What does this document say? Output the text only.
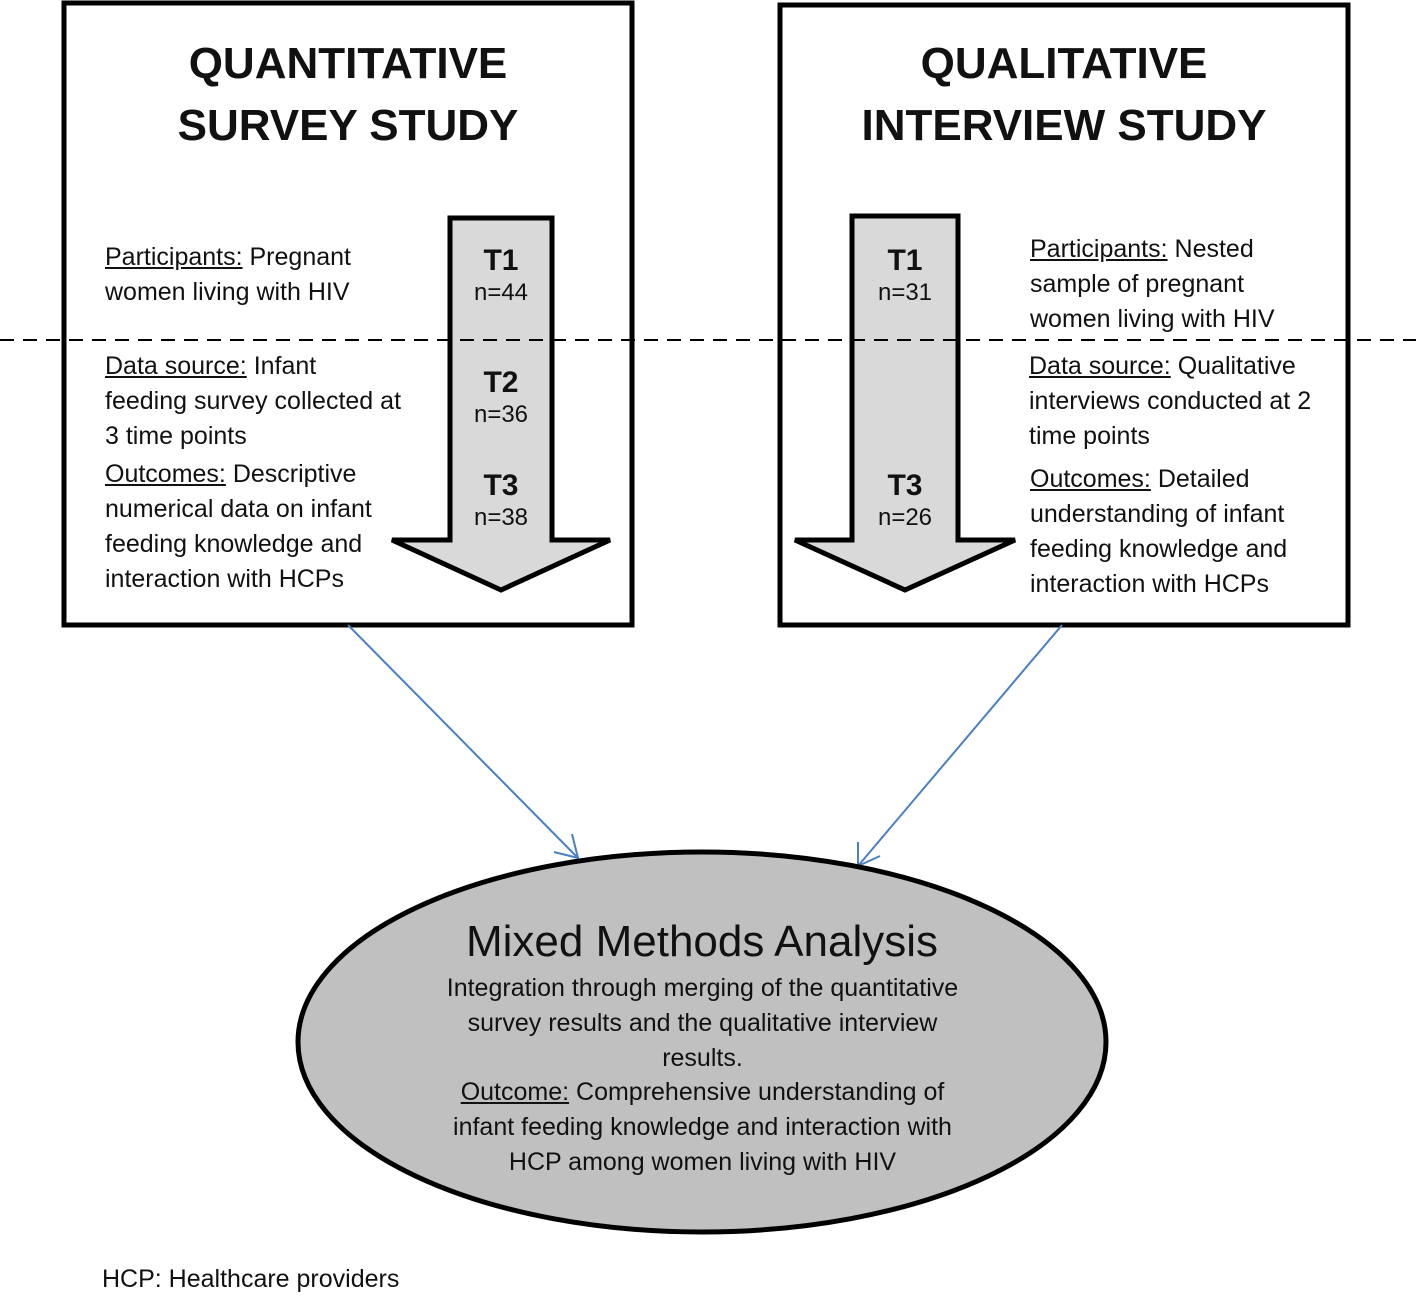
QUANTITATIVE
SURVEY STUDY
Participants: Pregnant women living with HIV
Data source: Infant feeding survey collected at 3 time points
Outcomes: Descriptive numerical data on infant feeding knowledge and interaction with HCPs
T1
n=44
T2
n=36
T3
n=38
QUALITATIVE
INTERVIEW STUDY
T1
n=31
T3
n=26
Participants: Nested sample of pregnant women living with HIV
Data source: Qualitative interviews conducted at 2 time points
Outcomes: Detailed understanding of infant feeding knowledge and interaction with HCPs
Mixed Methods Analysis
Integration through merging of the quantitative survey results and the qualitative interview results.
Outcome: Comprehensive understanding of infant feeding knowledge and interaction with HCP among women living with HIV
HCP: Healthcare providers
